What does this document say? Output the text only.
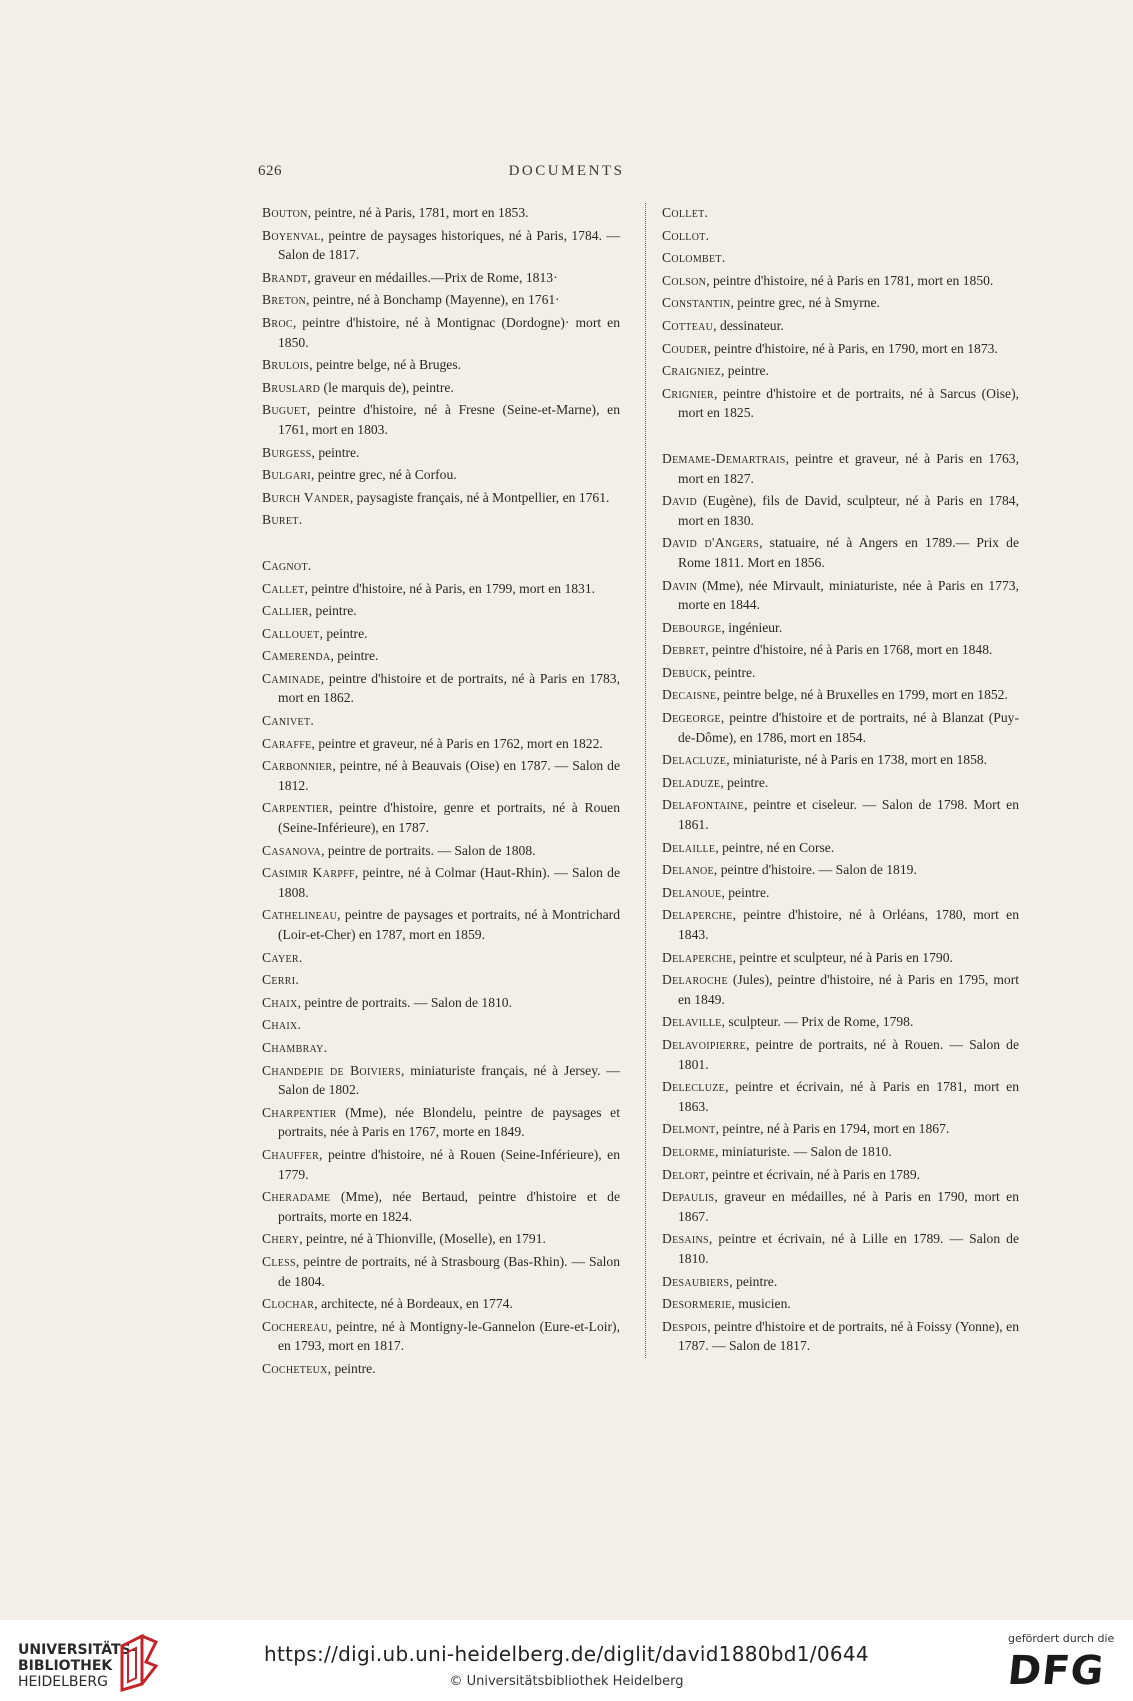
626	DOCUMENTS

Bouton, peintre, né à Paris, 1781, mort en 1853.

Boyenval, peintre de paysages historiques, né à Paris, 1784. — Salon de 1817.

Brandt, graveur en médailles.—Prix de Rome, 1813·

Breton, peintre, né à Bonchamp (Mayenne), en 1761·

Broc, peintre d'histoire, né à Montignac (Dordogne)· mort en 1850.

Brulois, peintre belge, né à Bruges.

Bruslard (le marquis de), peintre.

Buguet, peintre d'histoire, né à Fresne (Seine-et-Marne), en 1761, mort en 1803.

Burgess, peintre.

Bulgari, peintre grec, né à Corfou.

Burch Vander, paysagiste français, né à Montpellier, en 1761.

Buret.

Cagnot.

Callet, peintre d'histoire, né à Paris, en 1799, mort en 1831.

Callier, peintre.

Callouet, peintre.

Camerenda, peintre.

Caminade, peintre d'histoire et de portraits, né à Paris en 1783, mort en 1862.

Canivet.

Caraffe, peintre et graveur, né à Paris en 1762, mort en 1822.

Carbonnier, peintre, né à Beauvais (Oise) en 1787. — Salon de 1812.

Carpentier, peintre d'histoire, genre et portraits, né à Rouen (Seine-Inférieure), en 1787.

Casanova, peintre de portraits. — Salon de 1808.

Casimir Karpff, peintre, né à Colmar (Haut-Rhin). — Salon de 1808.

Cathelineau, peintre de paysages et portraits, né à Montrichard (Loir-et-Cher) en 1787, mort en 1859.

Cayer.

Cerri.

Chaix, peintre de portraits. — Salon de 1810.

Chaix.

Chambray.

Chandepie de Boiviers, miniaturiste français, né à Jersey. — Salon de 1802.

Charpentier (Mme), née Blondelu, peintre de paysages et portraits, née à Paris en 1767, morte en 1849.

Chauffer, peintre d'histoire, né à Rouen (Seine-Inférieure), en 1779.

Cheradame (Mme), née Bertaud, peintre d'histoire et de portraits, morte en 1824.

Chery, peintre, né à Thionville, (Moselle), en 1791.

Cless, peintre de portraits, né à Strasbourg (Bas-Rhin). — Salon de 1804.

Clochar, architecte, né à Bordeaux, en 1774.

Cochereau, peintre, né à Montigny-le-Gannelon (Eure-et-Loir), en 1793, mort en 1817.

Cocheteux, peintre.

Collet.

Collot.

Colombet.

Colson, peintre d'histoire, né à Paris en 1781, mort en 1850.

Constantin, peintre grec, né à Smyrne.

Cotteau, dessinateur.

Couder, peintre d'histoire, né à Paris, en 1790, mort en 1873.

Craigniez, peintre.

Crignier, peintre d'histoire et de portraits, né à Sarcus (Oise), mort en 1825.

Demame-Demartrais, peintre et graveur, né à Paris en 1763, mort en 1827.

David (Eugène), fils de David, sculpteur, né à Paris en 1784, mort en 1830.

David d'Angers, statuaire, né à Angers en 1789.— Prix de Rome 1811. Mort en 1856.

Davin (Mme), née Mirvault, miniaturiste, née à Paris en 1773, morte en 1844.

Debourge, ingénieur.

Debret, peintre d'histoire, né à Paris en 1768, mort en 1848.

Debuck, peintre.

Decaisne, peintre belge, né à Bruxelles en 1799, mort en 1852.

Degeorge, peintre d'histoire et de portraits, né à Blanzat (Puy-de-Dôme), en 1786, mort en 1854.

Delacluze, miniaturiste, né à Paris en 1738, mort en 1858.

Deladuze, peintre.

Delafontaine, peintre et ciseleur. — Salon de 1798. Mort en 1861.

Delaille, peintre, né en Corse.

Delanoe, peintre d'histoire. — Salon de 1819.

Delanoue, peintre.

Delaperche, peintre d'histoire, né à Orléans, 1780, mort en 1843.

Delaperche, peintre et sculpteur, né à Paris en 1790.

Delaroche (Jules), peintre d'histoire, né à Paris en 1795, mort en 1849.

Delaville, sculpteur. — Prix de Rome, 1798.

Delavoipierre, peintre de portraits, né à Rouen. — Salon de 1801.

Delecluze, peintre et écrivain, né à Paris en 1781, mort en 1863.

Delmont, peintre, né à Paris en 1794, mort en 1867.

Delorme, miniaturiste. — Salon de 1810.

Delort, peintre et écrivain, né à Paris en 1789.

Depaulis, graveur en médailles, né à Paris en 1790, mort en 1867.

Desains, peintre et écrivain, né à Lille en 1789. — Salon de 1810.

Desaubiers, peintre.

Desormerie, musicien.

Despois, peintre d'histoire et de portraits, né à Foissy (Yonne), en 1787. — Salon de 1817.

UNIVERSITÄTS-
BIBLIOTHEK
HEIDELBERG
https://digi.ub.uni-heidelberg.de/diglit/david1880bd1/0644
© Universitätsbibliothek Heidelberg
gefördert durch die
DFG
